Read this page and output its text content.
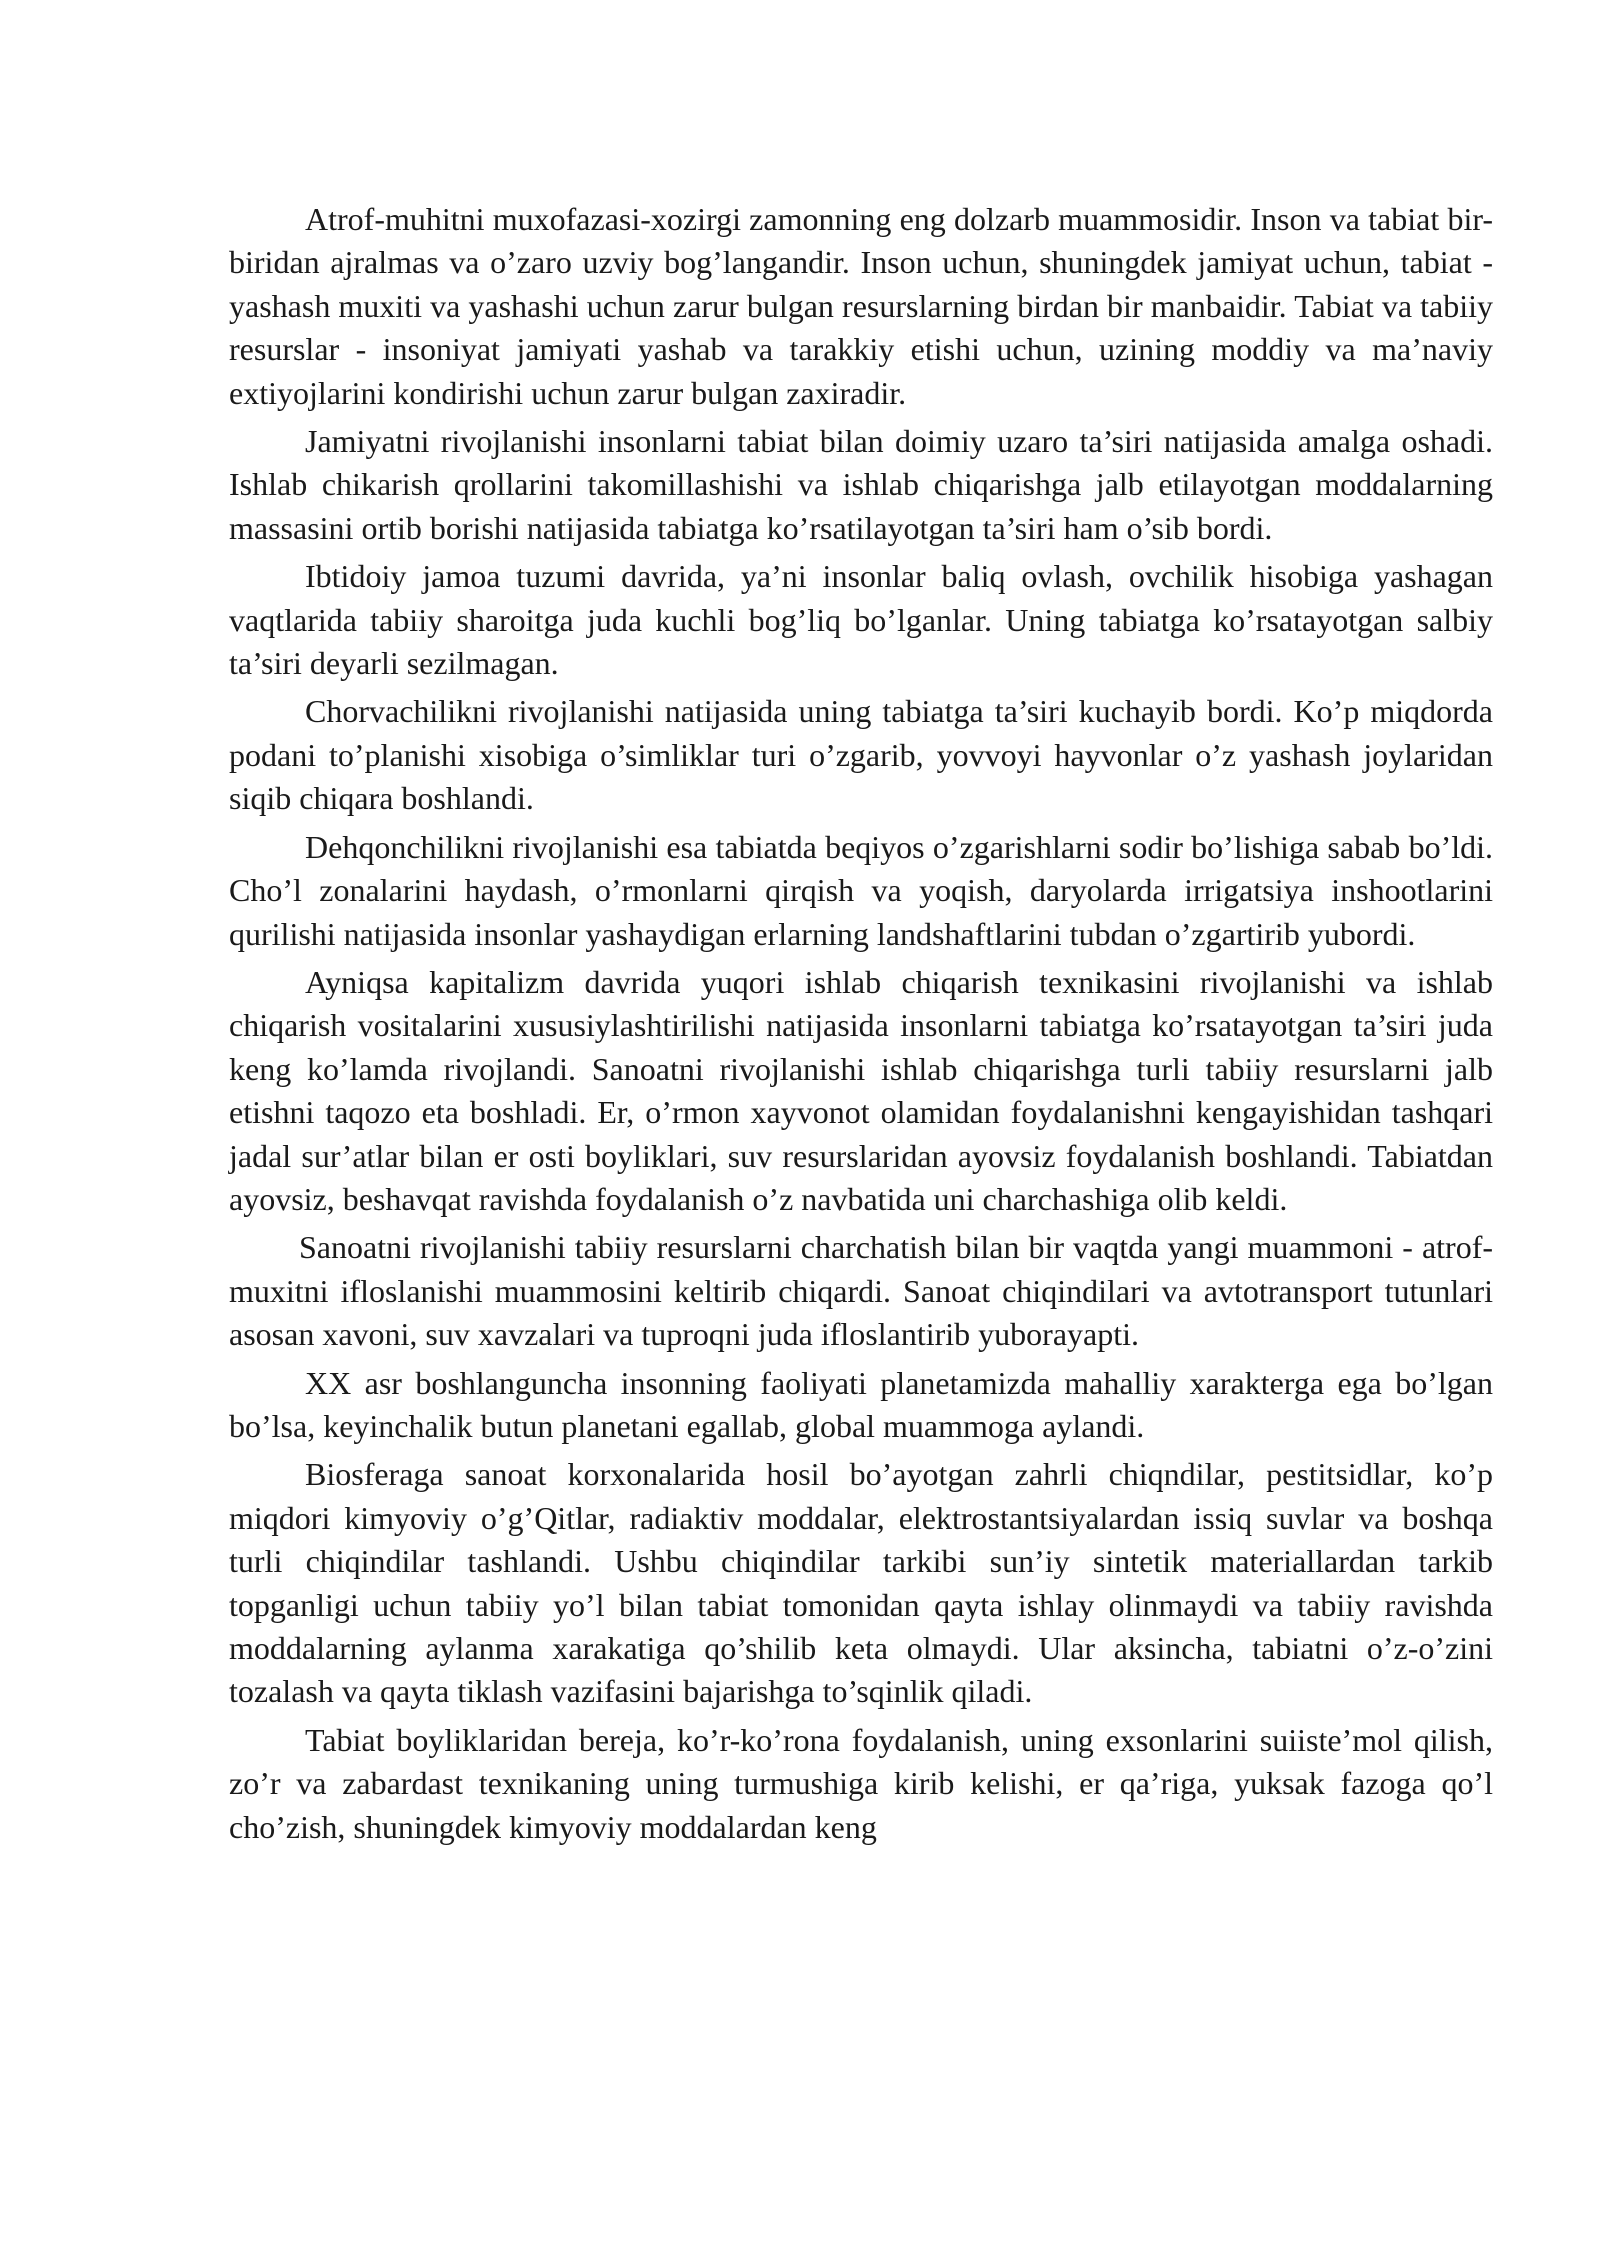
Atrof-muhitni muxofazasi-xozirgi zamonning eng dolzarb muammosidir. Inson va tabiat bir-biridan ajralmas va o’zaro uzviy bog’langandir. Inson uchun, shuningdek jamiyat uchun, tabiat - yashash muxiti va yashashi uchun zarur bulgan resurslarning birdan bir manbaidir. Tabiat va tabiiy resurslar - insoniyat jamiyati yashab va tarakkiy etishi uchun, uzining moddiy va ma’naviy extiyojlarini kondirishi uchun zarur bulgan zaxiradir.

Jamiyatni rivojlanishi insonlarni tabiat bilan doimiy uzaro ta’siri natijasida amalga oshadi. Ishlab chikarish qrollarini takomillashishi va ishlab chiqarishga jalb etilayotgan moddalarning massasini ortib borishi natijasida tabiatga ko’rsatilayotgan ta’siri ham o’sib bordi.

Ibtidoiy jamoa tuzumi davrida, ya’ni insonlar baliq ovlash, ovchilik hisobiga yashagan vaqtlarida tabiiy sharoitga juda kuchli bog’liq bo’lganlar. Uning tabiatga ko’rsatayotgan salbiy ta’siri deyarli sezilmagan.

Chorvachilikni rivojlanishi natijasida uning tabiatga ta’siri kuchayib bordi. Ko’p miqdorda podani to’planishi xisobiga o’simliklar turi o’zgarib, yovvoyi hayvonlar o’z yashash joylaridan siqib chiqara boshlandi.

Dehqonchilikni rivojlanishi esa tabiatda beqiyos o’zgarishlarni sodir bo’lishiga sabab bo’ldi. Cho’l zonalarini haydash, o’rmonlarni qirqish va yoqish, daryolarda irrigatsiya inshootlarini qurilishi natijasida insonlar yashaydigan erlarning landshaftlarini tubdan o’zgartirib yubordi.

Ayniqsa kapitalizm davrida yuqori ishlab chiqarish texnikasini rivojlanishi va ishlab chiqarish vositalarini xususiylashtirilishi natijasida insonlarni tabiatga ko’rsatayotgan ta’siri juda keng ko’lamda rivojlandi. Sanoatni rivojlanishi ishlab chiqarishga turli tabiiy resurslarni jalb etishni taqozo eta boshladi. Er, o’rmon xayvonot olamidan foydalanishni kengayishidan tashqari jadal sur’atlar bilan er osti boyliklari, suv resurslaridan ayovsiz foydalanish boshlandi. Tabiatdan ayovsiz, beshavqat ravishda foydalanish o’z navbatida uni charchashiga olib keldi.

Sanoatni rivojlanishi tabiiy resurslarni charchatish bilan bir vaqtda yangi muammoni - atrof- muxitni ifloslanishi muammosini keltirib chiqardi. Sanoat chiqindilari va avtotransport tutunlari asosan xavoni, suv xavzalari va tuproqni juda ifloslantirib yuborayapti.

XX asr boshlanguncha insonning faoliyati planetamizda mahalliy xarakterga ega bo’lgan bo’lsa, keyinchalik butun planetani egallab, global muammoga aylandi.

Biosferaga sanoat korxonalarida hosil bo’ayotgan zahrli chiqndilar, pestitsidlar, ko’p miqdori kimyoviy o’g’Qitlar, radiaktiv moddalar, elektrostantsiyalardan issiq suvlar va boshqa turli chiqindilar tashlandi. Ushbu chiqindilar tarkibi sun’iy sintetik materiallardan tarkib topganligi uchun tabiiy yo’l bilan tabiat tomonidan qayta ishlay olinmaydi va tabiiy ravishda moddalarning aylanma xarakatiga qo’shilib keta olmaydi. Ular aksincha, tabiatni o’z-o’zini tozalash va qayta tiklash vazifasini bajarishga to’sqinlik qiladi.

Tabiat boyliklaridan bereja, ko’r-ko’rona foydalanish, uning exsonlarini suiiste’mol qilish, zo’r va zabardast texnikaning uning turmushiga kirib kelishi, er qa’riga, yuksak fazoga qo’l cho’zish, shuningdek kimyoviy moddalardan keng
